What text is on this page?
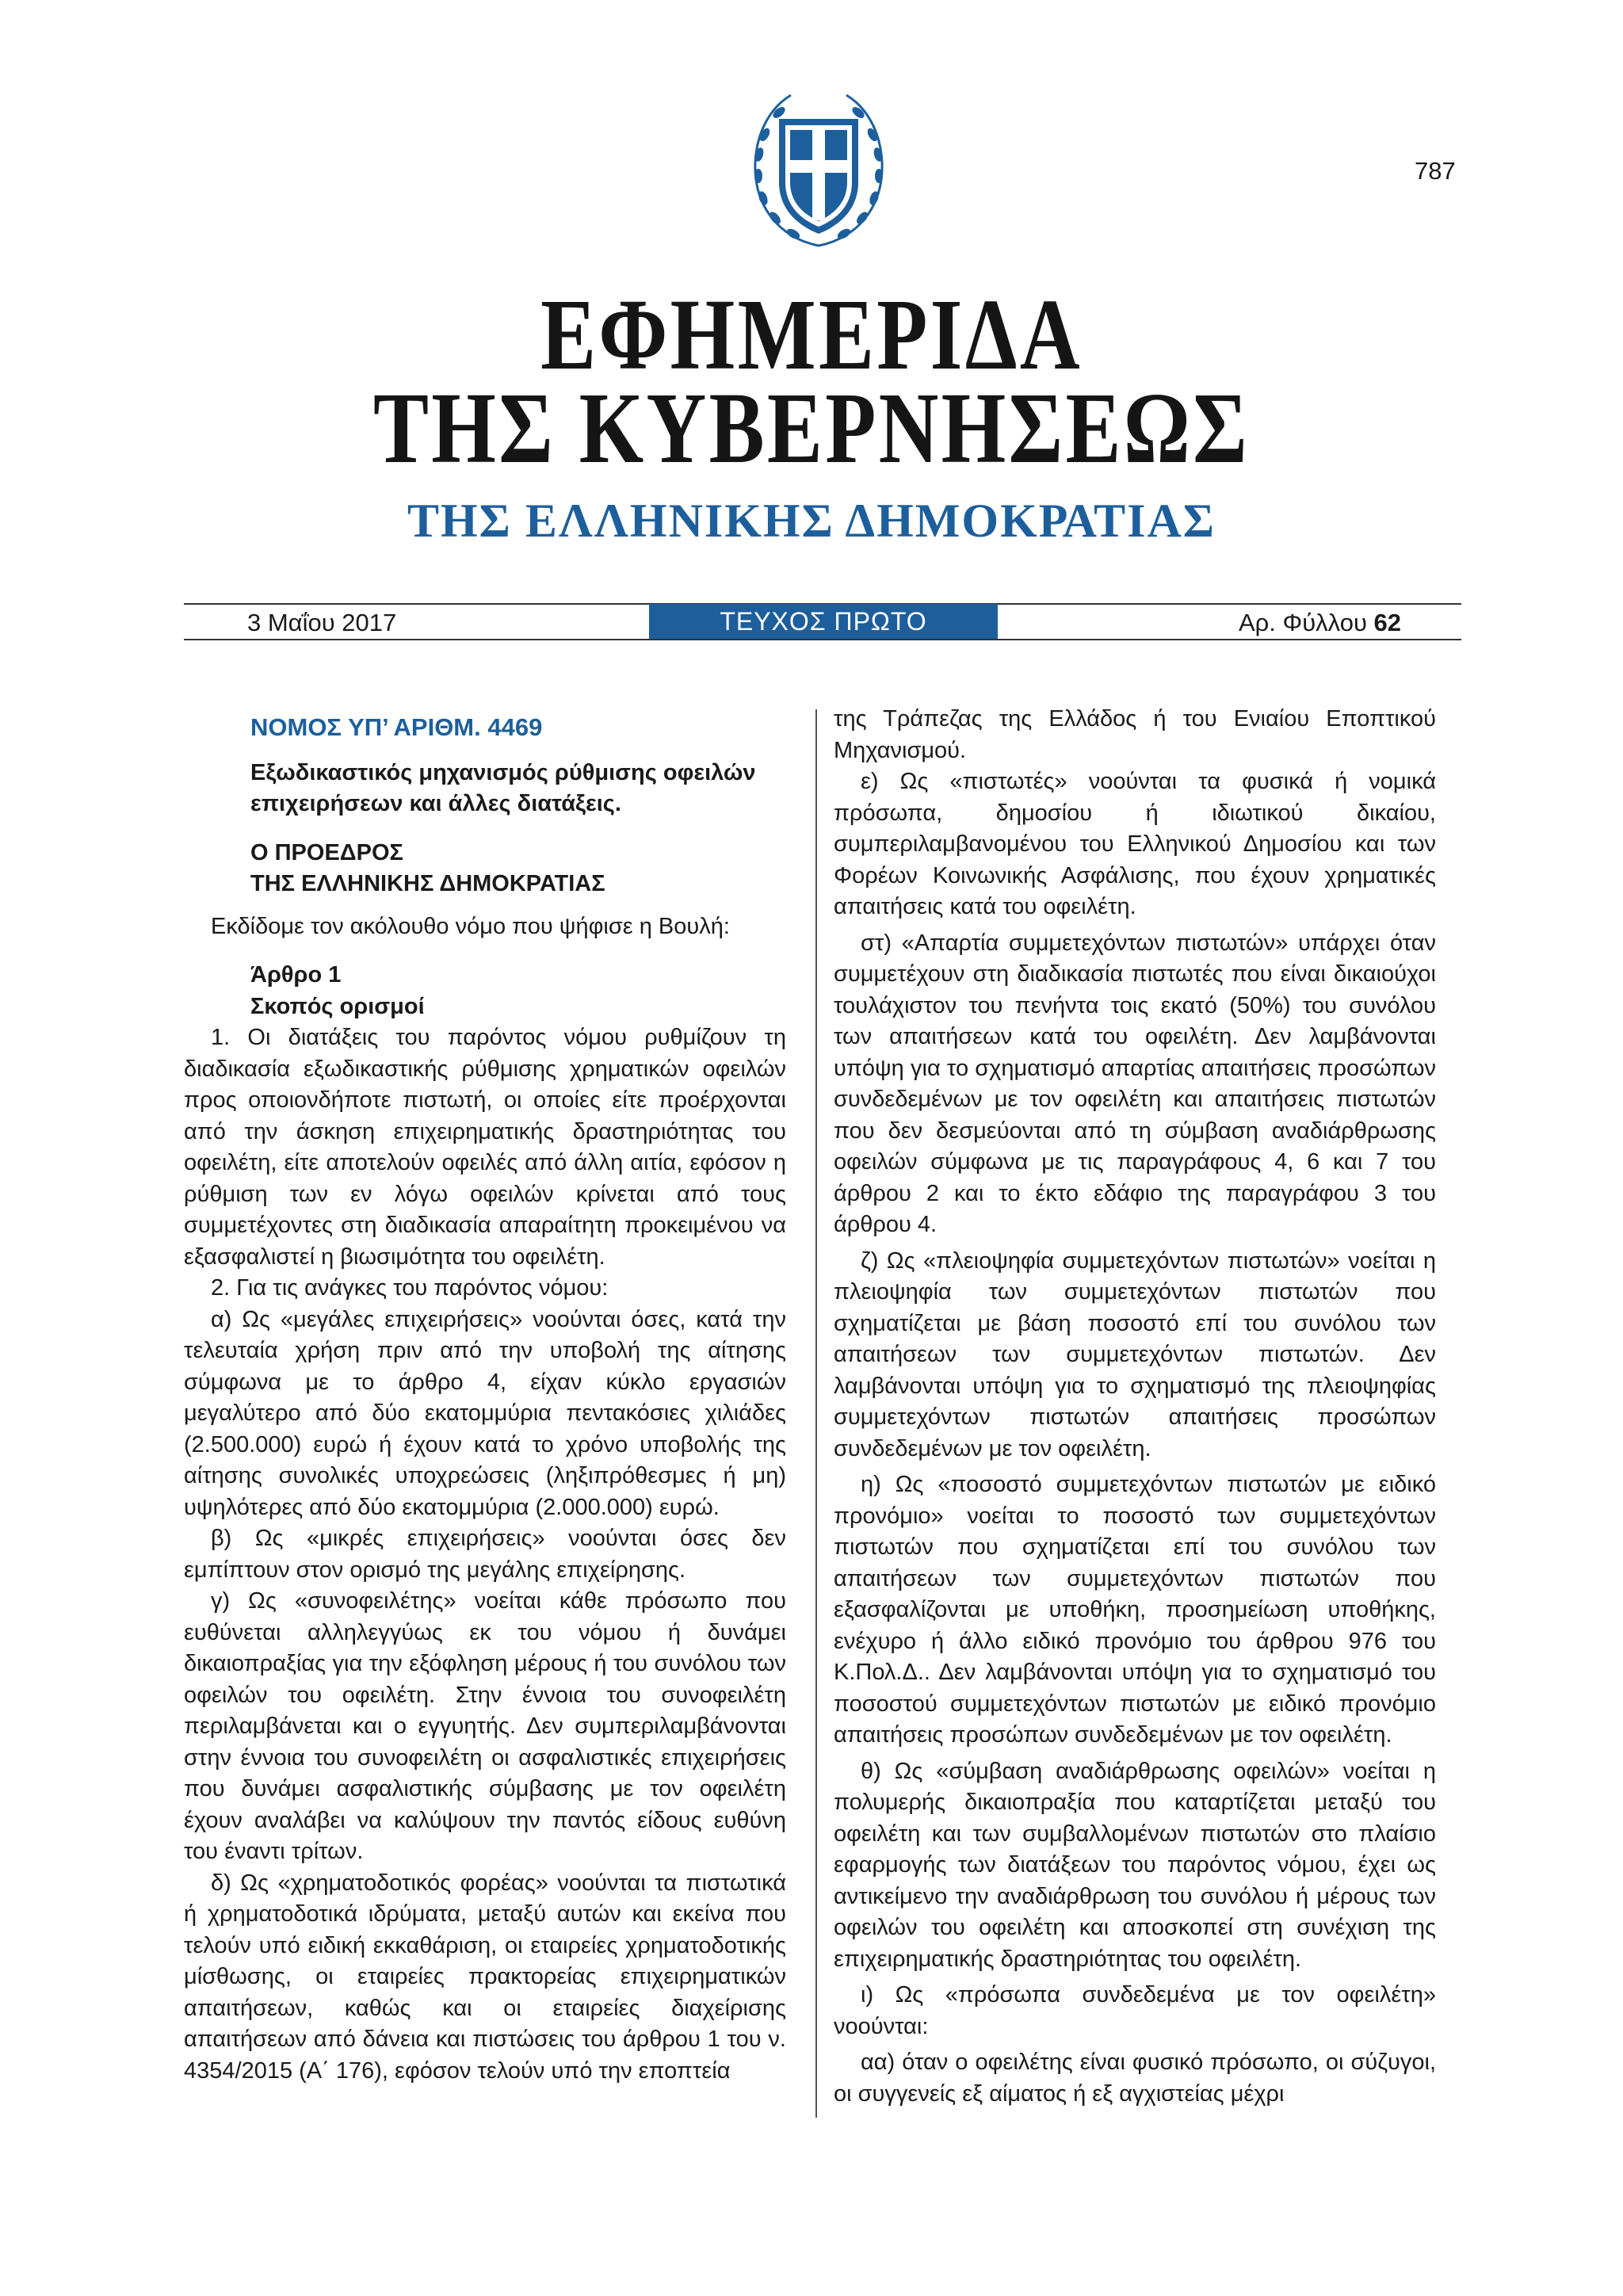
787
ΕΦΗΜΕΡΙΔΑ
ΤΗΣ ΚΥΒΕΡΝΗΣΕΩΣ
ΤΗΣ ΕΛΛΗΝΙΚΗΣ ΔΗΜΟΚΡΑΤΙΑΣ
3 Μαΐου 2017	ΤΕΥΧΟΣ ΠΡΩΤΟ	Αρ. Φύλλου 62

ΝΟΜΟΣ ΥΠ’ ΑΡΙΘΜ. 4469

Εξωδικαστικός μηχανισμός ρύθμισης οφειλών επιχειρήσεων και άλλες διατάξεις.

Ο ΠΡΟΕΔΡΟΣ

ΤΗΣ ΕΛΛΗΝΙΚΗΣ ΔΗΜΟΚΡΑΤΙΑΣ

Εκδίδομε τον ακόλουθο νόμο που ψήφισε η Βουλή:

Άρθρο 1

Σκοπός ορισμοί

1. Οι διατάξεις του παρόντος νόμου ρυθμίζουν τη διαδικασία εξωδικαστικής ρύθμισης χρηματικών οφειλών προς οποιονδήποτε πιστωτή, οι οποίες είτε προέρχονται από την άσκηση επιχειρηματικής δραστηριότητας του οφειλέτη, είτε αποτελούν οφειλές από άλλη αιτία, εφόσον η ρύθμιση των εν λόγω οφειλών κρίνεται από τους συμμετέχοντες στη διαδικασία απαραίτητη προκειμένου να εξασφαλιστεί η βιωσιμότητα του οφειλέτη.

2. Για τις ανάγκες του παρόντος νόμου:

α) Ως «μεγάλες επιχειρήσεις» νοούνται όσες, κατά την τελευταία χρήση πριν από την υποβολή της αίτησης σύμφωνα με το άρθρο 4, είχαν κύκλο εργασιών μεγαλύτερο από δύο εκατομμύρια πεντακόσιες χιλιάδες (2.500.000) ευρώ ή έχουν κατά το χρόνο υποβολής της αίτησης συνολικές υποχρεώσεις (ληξιπρόθεσμες ή μη) υψηλότερες από δύο εκατομμύρια (2.000.000) ευρώ.

β) Ως «μικρές επιχειρήσεις» νοούνται όσες δεν εμπίπτουν στον ορισμό της μεγάλης επιχείρησης.

γ) Ως «συνοφειλέτης» νοείται κάθε πρόσωπο που ευθύνεται αλληλεγγύως εκ του νόμου ή δυνάμει δικαιοπραξίας για την εξόφληση μέρους ή του συνόλου των οφειλών του οφειλέτη. Στην έννοια του συνοφειλέτη περιλαμβάνεται και ο εγγυητής. Δεν συμπεριλαμβάνονται στην έννοια του συνοφειλέτη οι ασφαλιστικές επιχειρήσεις που δυνάμει ασφαλιστικής σύμβασης με τον οφειλέτη έχουν αναλάβει να καλύψουν την παντός είδους ευθύνη του έναντι τρίτων.

δ) Ως «χρηματοδοτικός φορέας» νοούνται τα πιστωτικά ή χρηματοδοτικά ιδρύματα, μεταξύ αυτών και εκείνα που τελούν υπό ειδική εκκαθάριση, οι εταιρείες χρηματοδοτικής μίσθωσης, οι εταιρείες πρακτορείας επιχειρηματικών απαιτήσεων, καθώς και οι εταιρείες διαχείρισης απαιτήσεων από δάνεια και πιστώσεις του άρθρου 1 του ν. 4354/2015 (Α΄ 176), εφόσον τελούν υπό την εποπτεία

της Τράπεζας της Ελλάδος ή του Ενιαίου Εποπτικού Μηχανισμού.

ε) Ως «πιστωτές» νοούνται τα φυσικά ή νομικά πρόσωπα, δημοσίου ή ιδιωτικού δικαίου, συμπεριλαμβανομένου του Ελληνικού Δημοσίου και των Φορέων Κοινωνικής Ασφάλισης, που έχουν χρηματικές απαιτήσεις κατά του οφειλέτη.

στ) «Απαρτία συμμετεχόντων πιστωτών» υπάρχει όταν συμμετέχουν στη διαδικασία πιστωτές που είναι δικαιούχοι τουλάχιστον του πενήντα τοις εκατό (50%) του συνόλου των απαιτήσεων κατά του οφειλέτη. Δεν λαμβάνονται υπόψη για το σχηματισμό απαρτίας απαιτήσεις προσώπων συνδεδεμένων με τον οφειλέτη και απαιτήσεις πιστωτών που δεν δεσμεύονται από τη σύμβαση αναδιάρθρωσης οφειλών σύμφωνα με τις παραγράφους 4, 6 και 7 του άρθρου 2 και το έκτο εδάφιο της παραγράφου 3 του άρθρου 4.

ζ) Ως «πλειοψηφία συμμετεχόντων πιστωτών» νοείται η πλειοψηφία των συμμετεχόντων πιστωτών που σχηματίζεται με βάση ποσοστό επί του συνόλου των απαιτήσεων των συμμετεχόντων πιστωτών. Δεν λαμβάνονται υπόψη για το σχηματισμό της πλειοψηφίας συμμετεχόντων πιστωτών απαιτήσεις προσώπων συνδεδεμένων με τον οφειλέτη.

η) Ως «ποσοστό συμμετεχόντων πιστωτών με ειδικό προνόμιο» νοείται το ποσοστό των συμμετεχόντων πιστωτών που σχηματίζεται επί του συνόλου των απαιτήσεων των συμμετεχόντων πιστωτών που εξασφαλίζονται με υποθήκη, προσημείωση υποθήκης, ενέχυρο ή άλλο ειδικό προνόμιο του άρθρου 976 του Κ.Πολ.Δ.. Δεν λαμβάνονται υπόψη για το σχηματισμό του ποσοστού συμμετεχόντων πιστωτών με ειδικό προνόμιο απαιτήσεις προσώπων συνδεδεμένων με τον οφειλέτη.

θ) Ως «σύμβαση αναδιάρθρωσης οφειλών» νοείται η πολυμερής δικαιοπραξία που καταρτίζεται μεταξύ του οφειλέτη και των συμβαλλομένων πιστωτών στο πλαίσιο εφαρμογής των διατάξεων του παρόντος νόμου, έχει ως αντικείμενο την αναδιάρθρωση του συνόλου ή μέρους των οφειλών του οφειλέτη και αποσκοπεί στη συνέχιση της επιχειρηματικής δραστηριότητας του οφειλέτη.

ι) Ως «πρόσωπα συνδεδεμένα με τον οφειλέτη» νοούνται:

αα) όταν ο οφειλέτης είναι φυσικό πρόσωπο, οι σύζυγοι, οι συγγενείς εξ αίματος ή εξ αγχιστείας μέχρι
